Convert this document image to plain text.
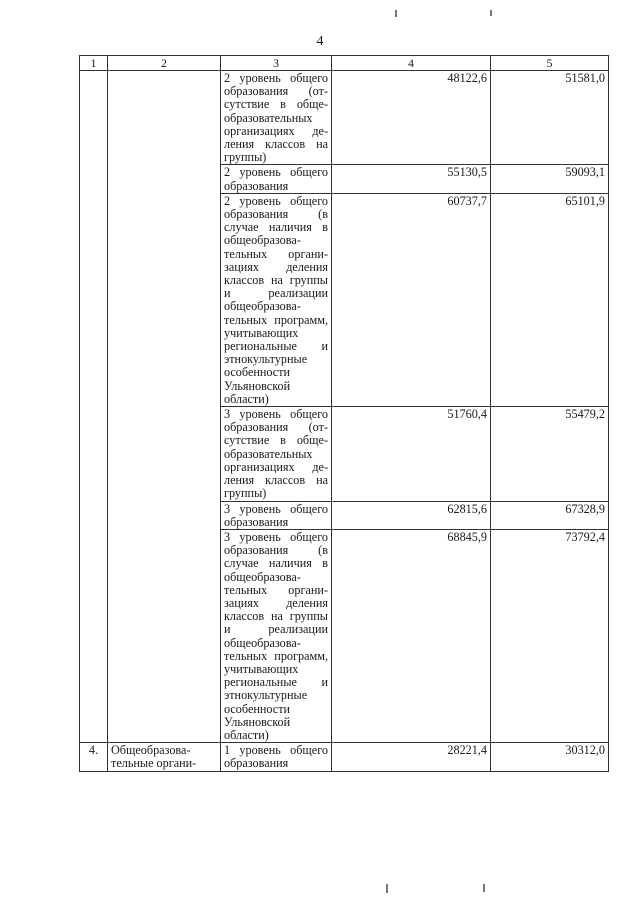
4
1	2	3	4	5
		2 уровень общего образования (отсутствие в общеобразовательных организациях деления классов на группы)	48122,6	51581,0
		2 уровень общего образования	55130,5	59093,1
		2 уровень общего образования (в случае наличия в общеобразовательных организациях деления классов на группы и реализации общеобразовательных программ, учитывающих региональные и этнокультурные особенности Ульяновской области)	60737,7	65101,9
		3 уровень общего образования (отсутствие в общеобразовательных организациях деления классов на группы)	51760,4	55479,2
		3 уровень общего образования	62815,6	67328,9
		3 уровень общего образования (в случае наличия в общеобразовательных организациях деления классов на группы и реализации общеобразовательных программ, учитывающих региональные и этнокультурные особенности Ульяновской области)	68845,9	73792,4
4.	Общеобразовательные органи-	1 уровень общего образования	28221,4	30312,0
